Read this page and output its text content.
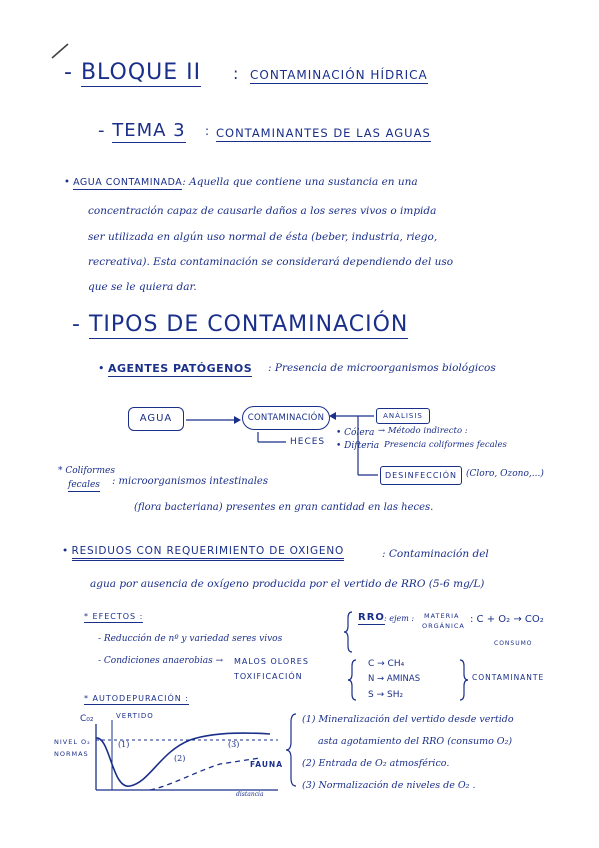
- BLOQUE II : CONTAMINACIÓN HÍDRICA
- TEMA 3 : CONTAMINANTES DE LAS AGUAS
• AGUA CONTAMINADA: Aquella que contiene una sustancia en una
concentración capaz de causarle daños a los seres vivos o impida
ser utilizada en algún uso normal de ésta (beber, industria, riego,
recreativa). Esta contaminación se considerará dependiendo del uso
que se le quiera dar.
- TIPOS DE CONTAMINACIÓN
• AGENTES PATÓGENOS : Presencia de microorganismos biológicos
AGUA	CONTAMINACIÓN
HECES
• Cólera
• Difteria
ANÁLISIS
→ Método indirecto :
Presencia coliformes fecales
DESINFECCIÓN (Cloro, Ozono,...)
* Coliformes
fecales : microorganismos intestinales
(flora bacteriana) presentes en gran cantidad en las heces.
• RESIDUOS CON REQUERIMIENTO DE OXIGENO	: Contaminación del
agua por ausencia de oxígeno producida por el vertido de RRO (5-6 mg/L)
* EFECTOS :
- Reducción de nº y variedad seres vivos
- Condiciones anaerobias → MALOS OLORES
TOXIFICACIÓN
RRO : ejem : MATERIA
ORGÁNICA
: C + O₂ → CO₂
CONSUMO
C → CH₄
N → AMINAS
S → SH₂
CONTAMINANTE
* AUTODEPURACIÓN :
C₀₂	VERTIDO
NIVEL O₂
NORMAS
(1)
(2)
(3)
FAUNA
distancia
(1) Mineralización del vertido desde vertido
asta agotamiento del RRO (consumo O₂)
(2) Entrada de O₂ atmosférico.
(3) Normalización de niveles de O₂ .
